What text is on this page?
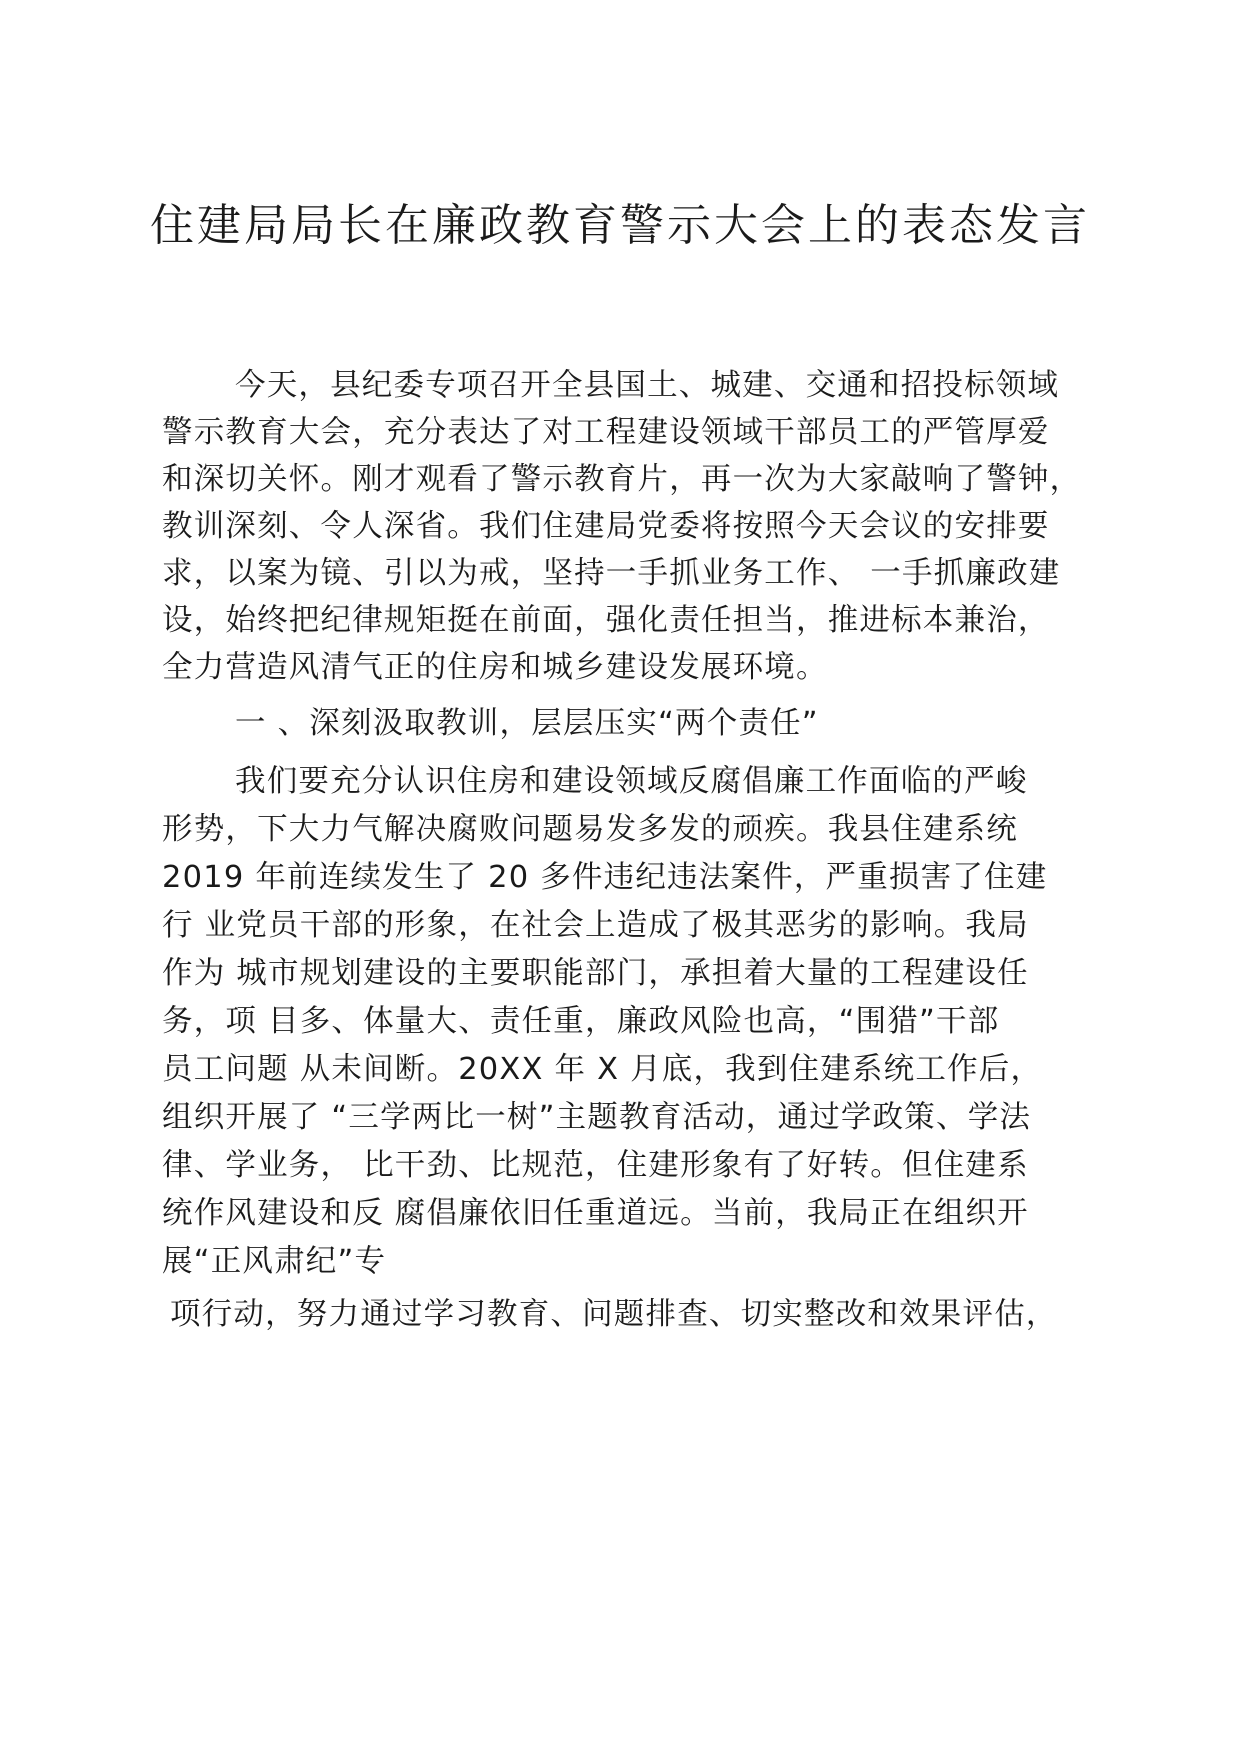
住建局局长在廉政教育警示大会上的表态发言
今天，县纪委专项召开全县国土、城建、交通和招投标领域
警示教育大会，充分表达了对工程建设领域干部员工的严管厚爱
和深切关怀。刚才观看了警示教育片，再一次为大家敲响了警钟，
教训深刻、令人深省。我们住建局党委将按照今天会议的安排要
求，以案为镜、引以为戒，坚持一手抓业务工作、 一手抓廉政建
设，始终把纪律规矩挺在前面，强化责任担当，推进标本兼治，
全力营造风清气正的住房和城乡建设发展环境。
一 、深刻汲取教训，层层压实“两个责任”
我们要充分认识住房和建设领域反腐倡廉工作面临的严峻
形势，下大力气解决腐败问题易发多发的顽疾。我县住建系统
2019 年前连续发生了 20 多件违纪违法案件，严重损害了住建
行 业党员干部的形象，在社会上造成了极其恶劣的影响。我局
作为 城市规划建设的主要职能部门，承担着大量的工程建设任
务，项 目多、体量大、责任重，廉政风险也高，“围猎”干部
员工问题 从未间断。20XX 年 X 月底，我到住建系统工作后，
组织开展了 “三学两比一树”主题教育活动，通过学政策、学法
律、学业务， 比干劲、比规范，住建形象有了好转。但住建系
统作风建设和反 腐倡廉依旧任重道远。当前，我局正在组织开
展“正风肃纪”专
项行动，努力通过学习教育、问题排查、切实整改和效果评估，
